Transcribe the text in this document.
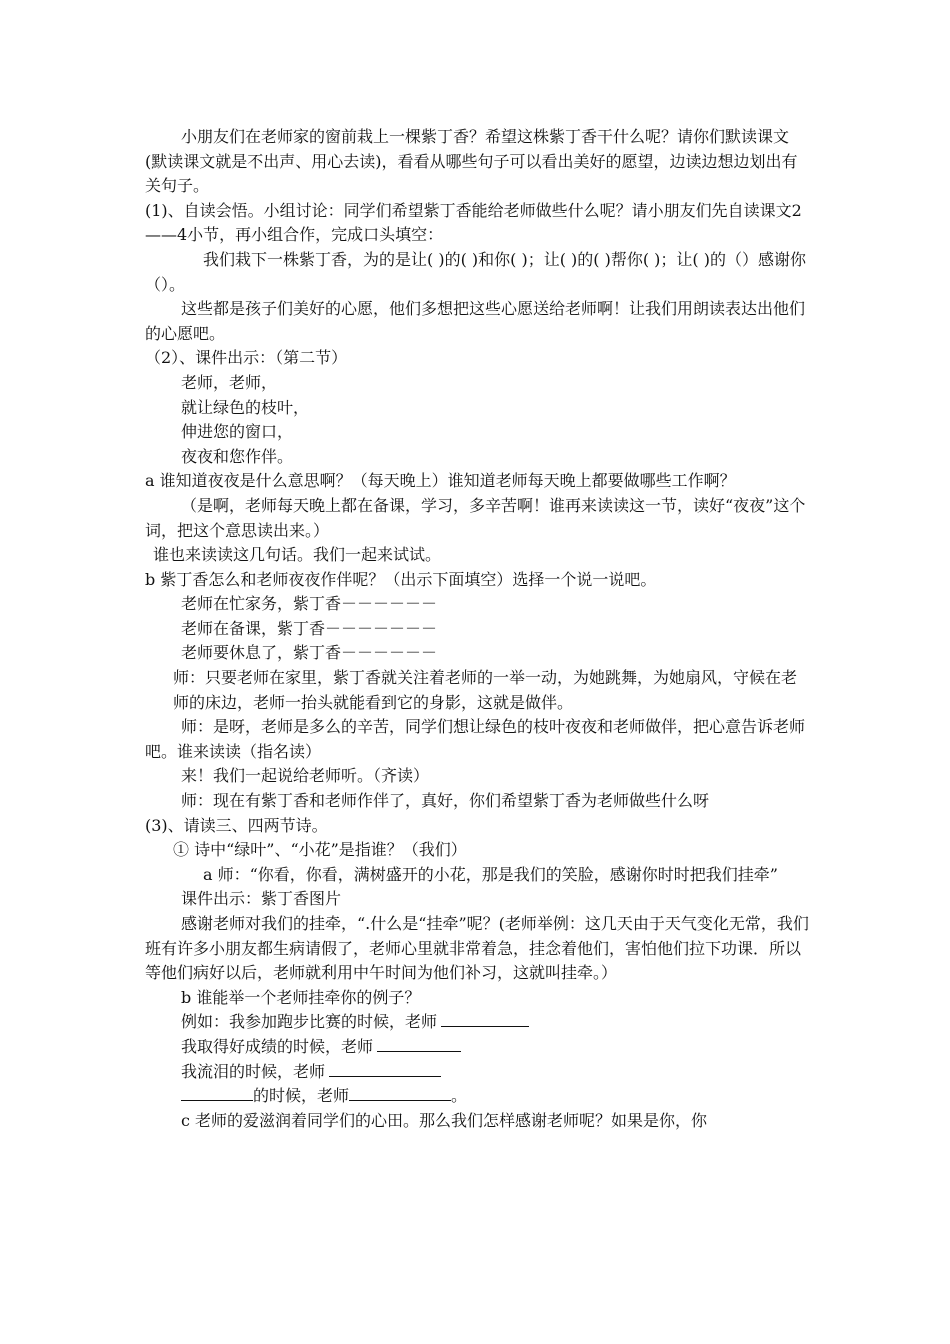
小朋友们在老师家的窗前栽上一棵紫丁香？希望这株紫丁香干什么呢？请你们默读课文(默读课文就是不出声、用心去读)，看看从哪些句子可以看出美好的愿望，边读边想边划出有关句子。

(1)、自读会悟。小组讨论：同学们希望紫丁香能给老师做些什么呢？请小朋友们先自读课文2——4小节，再小组合作，完成口头填空：

我们栽下一株紫丁香，为的是让( )的( )和你( )；让( )的( )帮你( )；让( )的（）感谢你（）。

这些都是孩子们美好的心愿，他们多想把这些心愿送给老师啊！让我们用朗读表达出他们的心愿吧。

（2）、课件出示：（第二节）

老师，老师，

就让绿色的枝叶，

伸进您的窗口，

夜夜和您作伴。

a 谁知道夜夜是什么意思啊？（每天晚上）谁知道老师每天晚上都要做哪些工作啊？

（是啊，老师每天晚上都在备课，学习，多辛苦啊！谁再来读读这一节，读好“夜夜”这个词，把这个意思读出来。）

谁也来读读这几句话。我们一起来试试。

b 紫丁香怎么和老师夜夜作伴呢？（出示下面填空）选择一个说一说吧。

老师在忙家务，紫丁香－－－－－－

老师在备课，紫丁香－－－－－－－

老师要休息了，紫丁香－－－－－－

师：只要老师在家里，紫丁香就关注着老师的一举一动，为她跳舞，为她扇风，守候在老师的床边，老师一抬头就能看到它的身影，这就是做伴。

师：是呀，老师是多么的辛苦，同学们想让绿色的枝叶夜夜和老师做伴，把心意告诉老师吧。谁来读读（指名读）

来！我们一起说给老师听。（齐读）

师：现在有紫丁香和老师作伴了，真好，你们希望紫丁香为老师做些什么呀

(3)、请读三、四两节诗。

① 诗中“绿叶”、“小花”是指谁？（我们）

a 师：“你看，你看，满树盛开的小花，那是我们的笑脸，感谢你时时把我们挂牵”

课件出示：紫丁香图片

感谢老师对我们的挂牵，“.什么是“挂牵”呢？(老师举例：这几天由于天气变化无常，我们班有许多小朋友都生病请假了，老师心里就非常着急，挂念着他们，害怕他们拉下功课．所以等他们病好以后，老师就利用中午时间为他们补习，这就叫挂牵。）

b 谁能举一个老师挂牵你的例子？

例如：我参加跑步比赛的时候，老师

我取得好成绩的时候，老师

我流泪的时候，老师

的时候，老师	。

c 老师的爱滋润着同学们的心田。那么我们怎样感谢老师呢？如果是你，你
